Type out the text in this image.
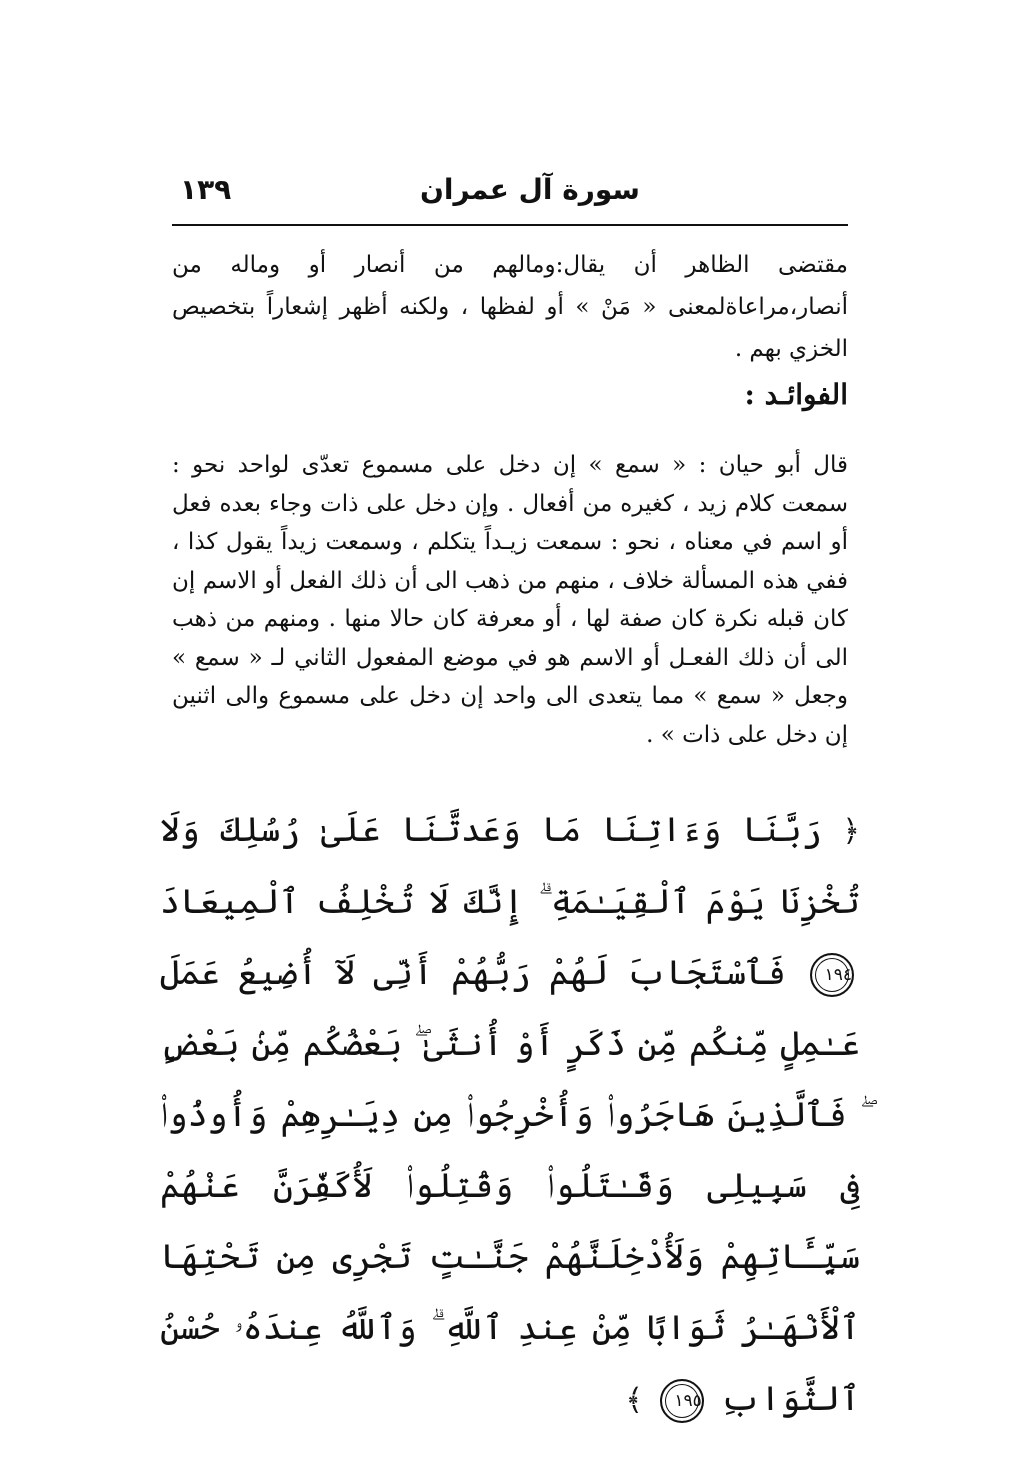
١٣٩	سورة آل عمران

مقتضى الظاهر أن يقال:ومالهم من أنصار أو وماله من أنصار،مراعاةلمعنى « مَنْ » أو لفظها ، ولكنه أظهر إشعاراً بتخصيص الخزي بهم .

الفوائـد :

قال أبو حيان : « سمع » إن دخل على مسموع تعدّى لواحد نحو : سمعت كلام زيد ، كغيره من أفعال . وإن دخل على ذات وجاء بعده فعل أو اسم في معناه ، نحو : سمعت زيـداً يتكلم ، وسمعت زيداً يقول كذا ، ففي هذه المسألة خلاف ، منهم من ذهب الى أن ذلك الفعل أو الاسم إن كان قبله نكرة كان صفة لها ، أو معرفة كان حالا منها . ومنهم من ذهب الى أن ذلك الفعـل أو الاسم هو في موضع المفعول الثاني لـ « سمع » وجعل « سمع » مما يتعدى الى واحد إن دخل على مسموع والى اثنين إن دخل على ذات » .

﴿ رَبَّنَا وَءَاتِنَا مَا وَعَدتَّنَا عَلَىٰ رُسُلِكَ وَلَا تُخْزِنَا يَوْمَ ٱلْقِيَـٰمَةِ ۗ إِنَّكَ لَا تُخْلِفُ ٱلْمِيعَادَ ١٩٤ فَٱسْتَجَابَ لَهُمْ رَبُّهُمْ أَنِّى لَآ أُضِيعُ عَمَلَ عَـٰمِلٍ مِّنكُم مِّن ذَكَرٍ أَوْ أُنثَىٰ ۖ بَعْضُكُم مِّنۢ بَعْضٍ ۖ فَٱلَّذِينَ هَاجَرُوا۟ وَأُخْرِجُوا۟ مِن دِيَـٰرِهِمْ وَأُوذُوا۟ فِى سَبِيلِى وَقَـٰتَلُوا۟ وَقُتِلُوا۟ لَأُكَفِّرَنَّ عَنْهُمْ سَيِّـَٔاتِهِمْ وَلَأُدْخِلَنَّهُمْ جَنَّـٰتٍ تَجْرِى مِن تَحْتِهَا ٱلْأَنْهَـٰرُ ثَوَابًا مِّنْ عِندِ ٱللَّهِ ۗ وَٱللَّهُ عِندَهُۥ حُسْنُ ٱلثَّوَابِ ١٩٥ ﴾
